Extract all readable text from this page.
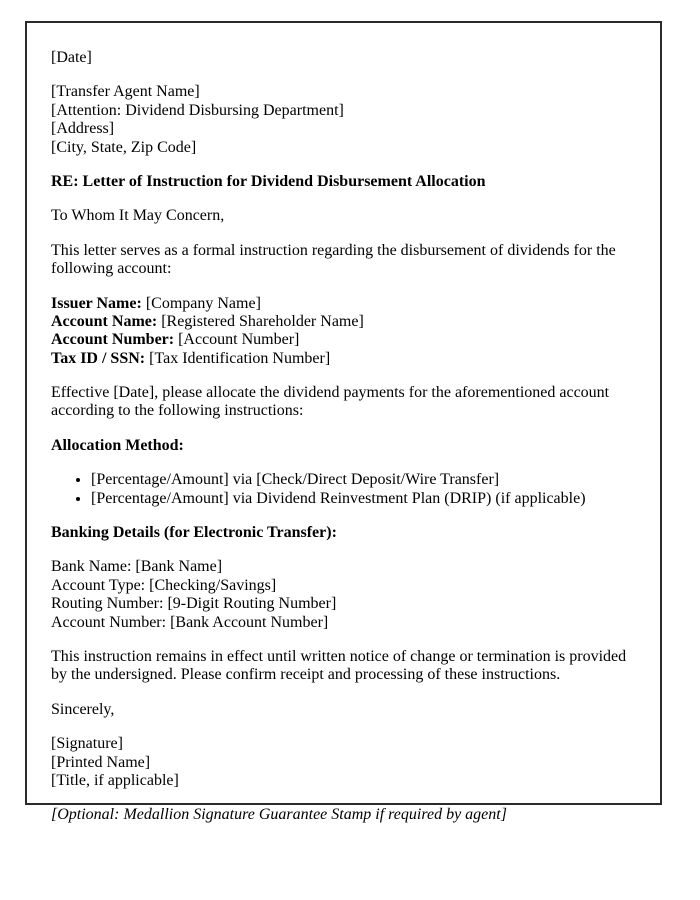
[Date]

[Transfer Agent Name]
[Attention: Dividend Disbursing Department]
[Address]
[City, State, Zip Code]

RE: Letter of Instruction for Dividend Disbursement Allocation

To Whom It May Concern,

This letter serves as a formal instruction regarding the disbursement of dividends for the following account:

Issuer Name: [Company Name]
Account Name: [Registered Shareholder Name]
Account Number: [Account Number]
Tax ID / SSN: [Tax Identification Number]

Effective [Date], please allocate the dividend payments for the aforementioned account according to the following instructions:

Allocation Method:

• [Percentage/Amount] via [Check/Direct Deposit/Wire Transfer]
• [Percentage/Amount] via Dividend Reinvestment Plan (DRIP) (if applicable)

Banking Details (for Electronic Transfer):

Bank Name: [Bank Name]
Account Type: [Checking/Savings]
Routing Number: [9-Digit Routing Number]
Account Number: [Bank Account Number]

This instruction remains in effect until written notice of change or termination is provided by the undersigned. Please confirm receipt and processing of these instructions.

Sincerely,

[Signature]
[Printed Name]
[Title, if applicable]

[Optional: Medallion Signature Guarantee Stamp if required by agent]
